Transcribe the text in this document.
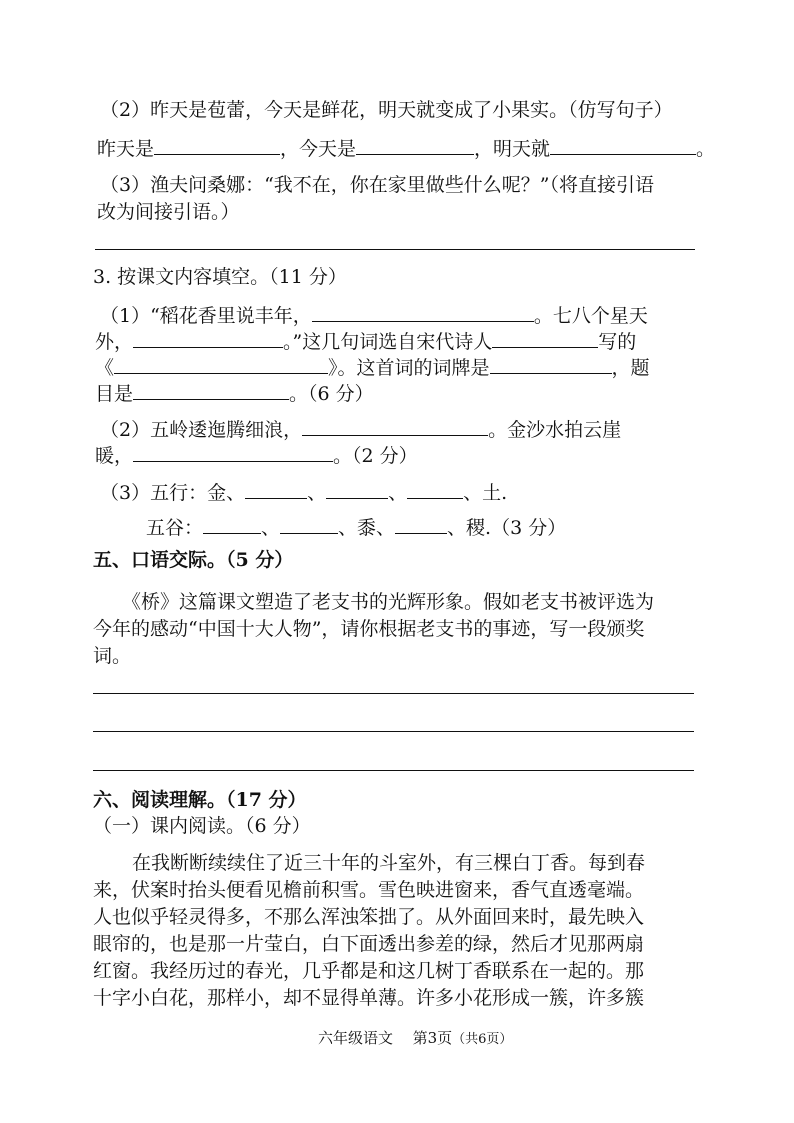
（2）昨天是苞蕾，今天是鲜花，明天就变成了小果实。（仿写句子）
昨天是	，今天是	，明天就	。
（3）渔夫问桑娜：“我不在，你在家里做些什么呢？”（将直接引语
改为间接引语。）
3. 按课文内容填空。（11 分）
（1）“稻花香里说丰年，	。七八个星天
外，	。”这几句词选自宋代诗人	写的
《	》。这首词的词牌是	，题
目是	。（6 分）
（2）五岭逶迤腾细浪，	。金沙水拍云崖
暖，	。（2 分）
（3）五行：金、	、	、	、土.
五谷：	、	、黍、	、稷.（3 分）
五、口语交际。（5 分）
《桥》这篇课文塑造了老支书的光辉形象。假如老支书被评选为
今年的感动“中国十大人物”，请你根据老支书的事迹，写一段颁奖
词。
六、阅读理解。（17 分）
（一）课内阅读。（6 分）
在我断断续续住了近三十年的斗室外，有三棵白丁香。每到春
来，伏案时抬头便看见檐前积雪。雪色映进窗来，香气直透毫端。
人也似乎轻灵得多，不那么浑浊笨拙了。从外面回来时，最先映入
眼帘的，也是那一片莹白，白下面透出参差的绿，然后才见那两扇
红窗。我经历过的春光，几乎都是和这几树丁香联系在一起的。那
十字小白花，那样小，却不显得单薄。许多小花形成一簇，许多簇
六年级语文 第3页（共6页）
